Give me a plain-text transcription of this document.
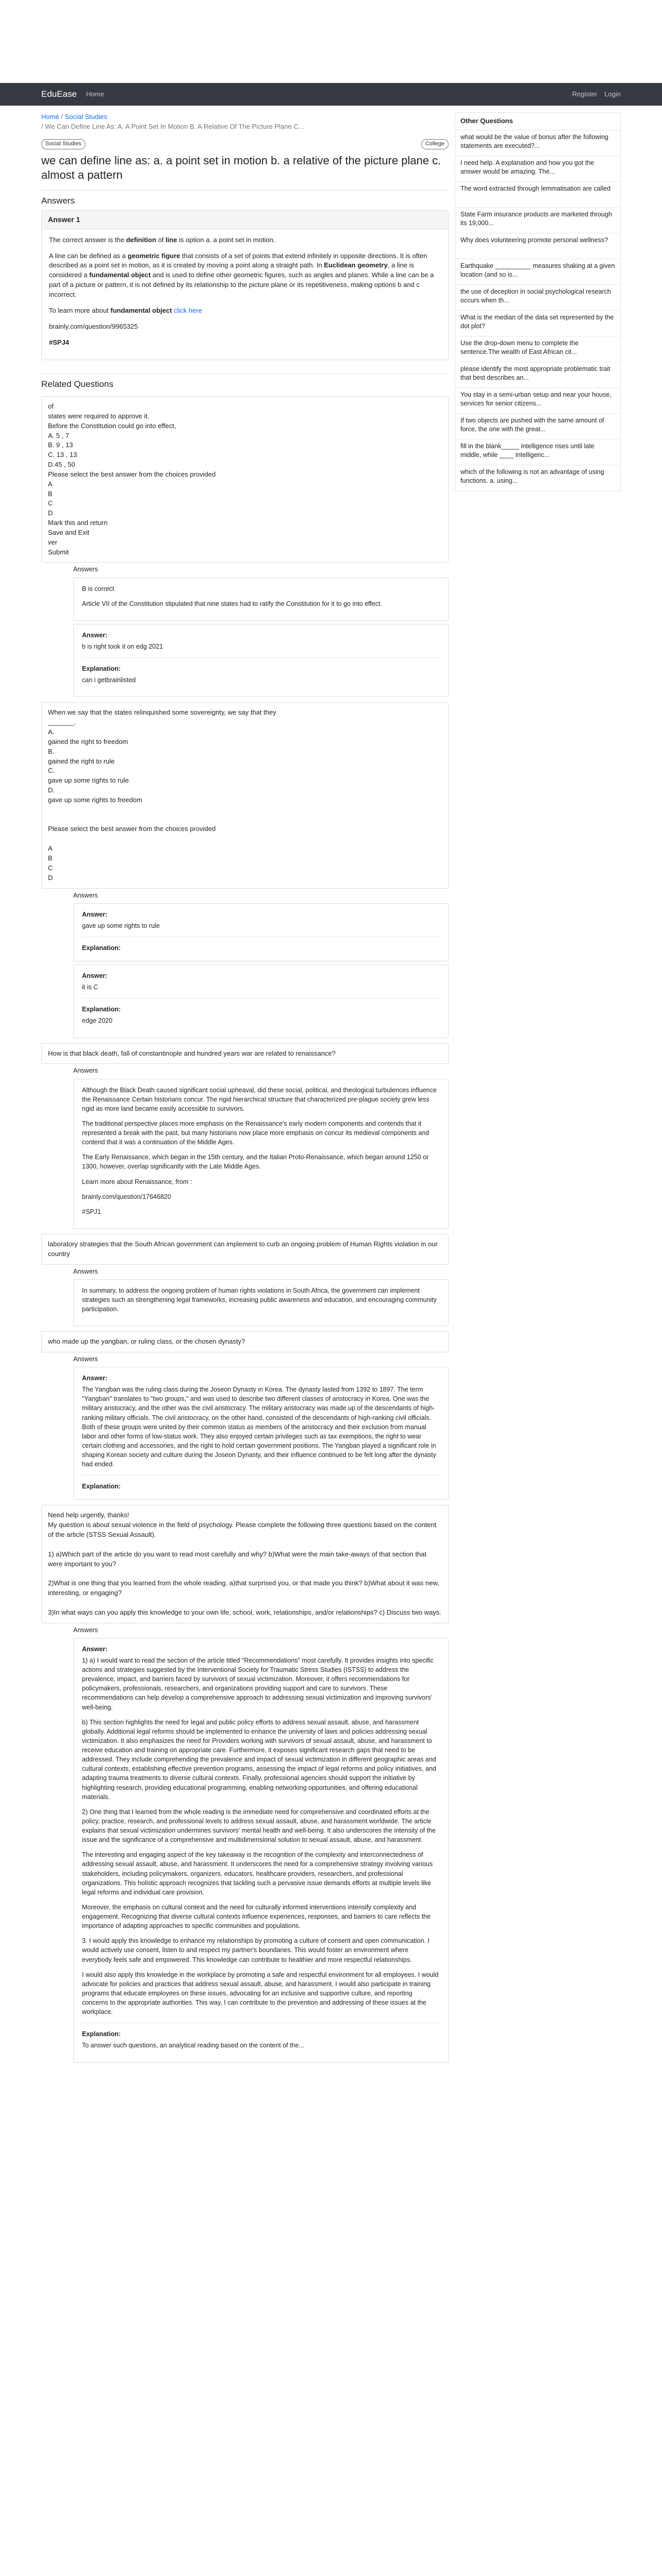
EduEase Home	Register Login
Home / Social Studies
/ We Can Define Line As: A. A Point Set In Motion B. A Relative Of The Picture Plane C...
Social Studies	College
we can define line as: a. a point set in motion b. a relative of the picture plane c. almost a pattern
Answers
Answer 1

The correct answer is the definition of line is option a. a point set in motion.

A line can be defined as a geometric figure that consists of a set of points that extend infinitely in opposite directions. It is often described as a point set in motion, as it is created by moving a point along a straight path. In Euclidean geometry, a line is considered a fundamental object and is used to define other geometric figures, such as angles and planes. While a line can be a part of a picture or pattern, it is not defined by its relationship to the picture plane or its repetitiveness, making options b and c incorrect.

To learn more about fundamental object click here

brainly.com/question/9965325

#SPJ4

Related Questions
of
states were required to approve it.
Before the Constitution could go into effect,
A. 5 , 7
B. 9 , 13
C. 13 , 13
D.45 , 50
Please select the best answer from the choices provided
A
B
C
D
Mark this and return
Save and Exit
ver
Submit
Answers

B is correct

Article VII of the Constitution stipulated that nine states had to ratify the Constitution for it to go into effect.

Answer:

b is right took it on edg 2021

Explanation:

can i getbrainlisted

When we say that the states relinquished some sovereignty, we say that they
_______.
A.
gained the right to freedom
B.
gained the right to rule
C.
gave up some rights to rule
D.
gave up some rights to freedom

Please select the best answer from the choices provided

A
B
C
D
Answers
Answer:

gave up some rights to rule

Explanation:
Answer:

it is C

Explanation:

edge 2020

How is that black death, fall of constantinople and hundred years war are related to renaissance?
Answers

Although the Black Death caused significant social upheaval, did these social, political, and theological turbulences influence the Renaissance Certain historians concur. The rigid hierarchical structure that characterized pre-plague society grew less rigid as more land became easily accessible to survivors.

The traditional perspective places more emphasis on the Renaissance's early modern components and contends that it represented a break with the past, but many historians now place more emphasis on concur its medieval components and contend that it was a continuation of the Middle Ages.

The Early Renaissance, which began in the 15th century, and the Italian Proto-Renaissance, which began around 1250 or 1300, however, overlap significantly with the Late Middle Ages.

Learn more about Renaissance, from :

brainly.com/question/17646820

#SPJ1

laboratory strategies that the South African government can implement to curb an ongoing problem of Human Rights violation in our country
Answers

In summary, to address the ongoing problem of human rights violations in South Africa, the government can implement strategies such as strengthening legal frameworks, increasing public awareness and education, and encouraging community participation.

who made up the yangban, or ruling class, or the chosen dynasty?
Answers
Answer:

The Yangban was the ruling class during the Joseon Dynasty in Korea. The dynasty lasted from 1392 to 1897. The term "Yangban" translates to "two groups," and was used to describe two different classes of aristocracy in Korea. One was the military aristocracy, and the other was the civil aristocracy. The military aristocracy was made up of the descendants of high-ranking military officials. The civil aristocracy, on the other hand, consisted of the descendants of high-ranking civil officials. Both of these groups were united by their common status as members of the aristocracy and their exclusion from manual labor and other forms of low-status work. They also enjoyed certain privileges such as tax exemptions, the right to wear certain clothing and accessories, and the right to hold certain government positions. The Yangban played a significant role in shaping Korean society and culture during the Joseon Dynasty, and their influence continued to be felt long after the dynasty had ended.

Explanation:
Need help urgently, thanks!
My question is about sexual violence in the field of psychology. Please complete the following three questions based on the content of the article (STSS Sexual Assault).

1) a)Which part of the article do you want to read most carefully and why? b)What were the main take-aways of that section that were important to you?

2)What is one thing that you learned from the whole reading. a)that surprised you, or that made you think? b)What about it was new, interesting, or engaging?

3)In what ways can you apply this knowledge to your own life, school, work, relationships, and/or relationships? c) Discuss two ways.
Answers
Answer:

1) a) I would want to read the section of the article titled "Recommendations" most carefully. It provides insights into specific actions and strategies suggested by the Interventional Society for Traumatic Stress Studies (ISTSS) to address the prevalence, impact, and barriers faced by survivors of sexual victimization. Moreover, it offers recommendations for policymakers, professionals, researchers, and organizations providing support and care to survivors. These recommendations can help develop a comprehensive approach to addressing sexual victimization and improving survivors' well-being.

b) This section highlights the need for legal and public policy efforts to address sexual assault, abuse, and harassment globally. Additional legal reforms should be implemented to enhance the university of laws and policies addressing sexual victimization. It also emphasizes the need for Providers working with survivors of sexual assault, abuse, and harassment to receive education and training on appropriate care. Furthermore, it exposes significant research gaps that need to be addressed. They include comprehending the prevalence and impact of sexual victimization in different geographic areas and cultural contexts, establishing effective prevention programs, assessing the impact of legal reforms and policy initiatives, and adapting trauma treatments to diverse cultural contexts. Finally, professional agencies should support the initiative by highlighting research, providing educational programming, enabling networking opportunities, and offering educational materials.

2) One thing that I learned from the whole reading is the immediate need for comprehensive and coordinated efforts at the policy, practice, research, and professional levels to address sexual assault, abuse, and harassment worldwide. The article explains that sexual victimization undermines survivors' mental health and well-being. It also underscores the intensity of the issue and the significance of a comprehensive and multidimensional solution to sexual assault, abuse, and harassment.

The interesting and engaging aspect of the key takeaway is the recognition of the complexity and interconnectedness of addressing sexual assault, abuse, and harassment. It underscores the need for a comprehensive strategy involving various stakeholders, including policymakers, organizers, educators, healthcare providers, researchers, and professional organizations. This holistic approach recognizes that tackling such a pervasive issue demands efforts at multiple levels like legal reforms and individual care provision.

Moreover, the emphasis on cultural context and the need for culturally informed interventions intensify complexity and engagement. Recognizing that diverse cultural contexts influence experiences, responses, and barriers to care reflects the importance of adapting approaches to specific communities and populations.

3. I would apply this knowledge to enhance my relationships by promoting a culture of consent and open communication. I would actively use consent, listen to and respect my partner's boundaries. This would foster an environment where everybody feels safe and empowered. This knowledge can contribute to healthier and more respectful relationships.

I would also apply this knowledge in the workplace by promoting a safe and respectful environment for all employees. I would advocate for policies and practices that address sexual assault, abuse, and harassment. I would also participate in training programs that educate employees on these issues, advocating for an inclusive and supportive culture, and reporting concerns to the appropriate authorities. This way, I can contribute to the prevention and addressing of these issues at the workplace.

Explanation:

To answer such questions, an analytical reading based on the content of the...

Other Questions
what would be the value of bonus after the following statements are executed?...
I need help. A explanation and how you got the answer would be amazing. The...
The word extracted through lemmatisation are called
State Farm insurance products are marketed through its 19,000...
Why does volunteering promote personal wellness?
Earthquake __________ measures shaking at a given location (and so is...
the use of deception in social psychological research occurs when th...
What is the median of the data set represented by the dot plot?
Use the drop-down menu to complete the sentence.The wealth of East African cit...
please identify the most appropriate problematic trait that best describes an...
You stay in a semi-urban setup and near your house, services for senior citizens...
If two objects are pushed with the same amount of force, the one with the great...
fill in the blank_____ intelligence rises until late middle, while ____ intelligenc...
which of the following is not an advantage of using functions. a. using...
